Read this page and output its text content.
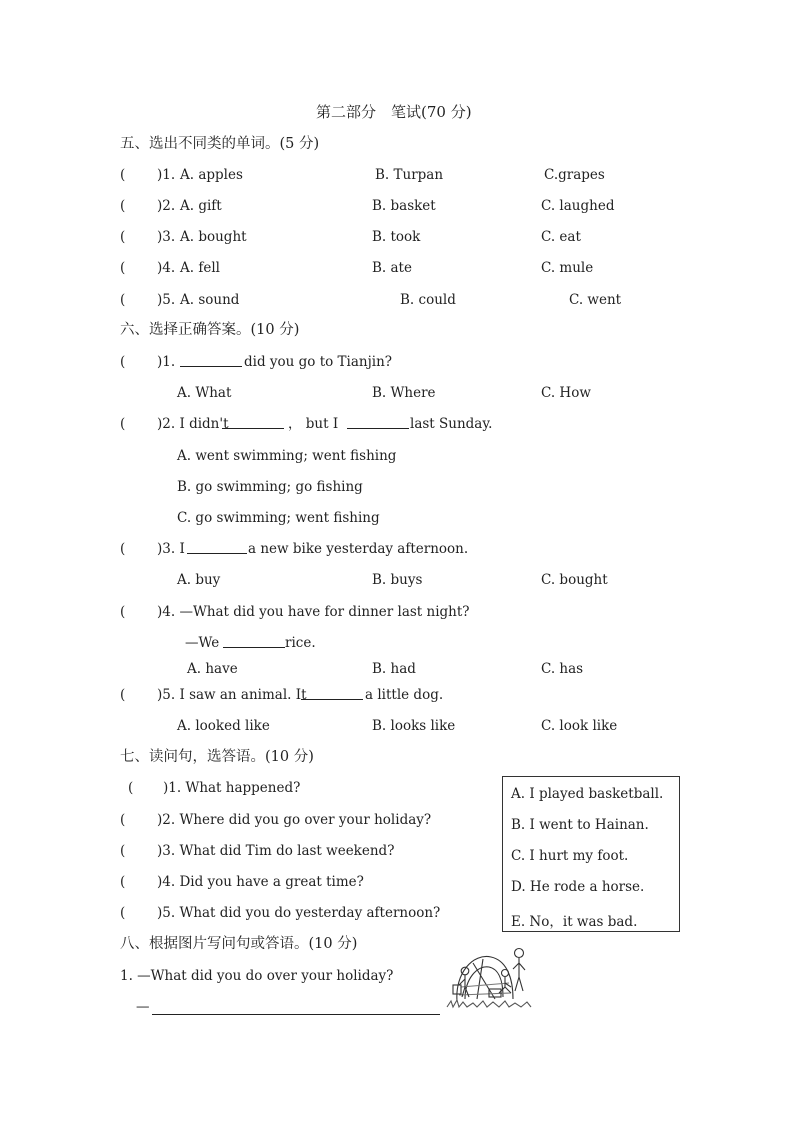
第二部分　笔试(70 分)
五、选出不同类的单词。(5 分)
( )1. A. apples	B. Turpan	C.grapes
( )2. A. gift	B. basket	C. laughed
( )3. A. bought	B. took	C. eat
( )4. A. fell	B. ate	C. mule
( )5. A. sound	B. could	C. went
六、选择正确答案。(10 分)
( )1.	did you go to Tianjin?
A. What	B. Where	C. How
( )2. I didn't	， but I	last Sunday.
A. went swimming; went fishing
B. go swimming; go fishing
C. go swimming; went fishing
( )3. I	a new bike yesterday afternoon.
A. buy	B. buys	C. bought
( )4. —What did you have for dinner last night?
—We	rice.
A. have	B. had	C. has
( )5. I saw an animal. It	a little dog.
A. looked like	B. looks like	C. look like
七、读问句，选答语。(10 分)
( )1. What happened?
( )2. Where did you go over your holiday?
( )3. What did Tim do last weekend?
( )4. Did you have a great time?
( )5. What did you do yesterday afternoon?
A. I played basketball.
B. I went to Hainan.
C. I hurt my foot.
D. He rode a horse.
E. No，it was bad.
八、根据图片写问句或答语。(10 分)
1. —What did you do over your holiday?
—
